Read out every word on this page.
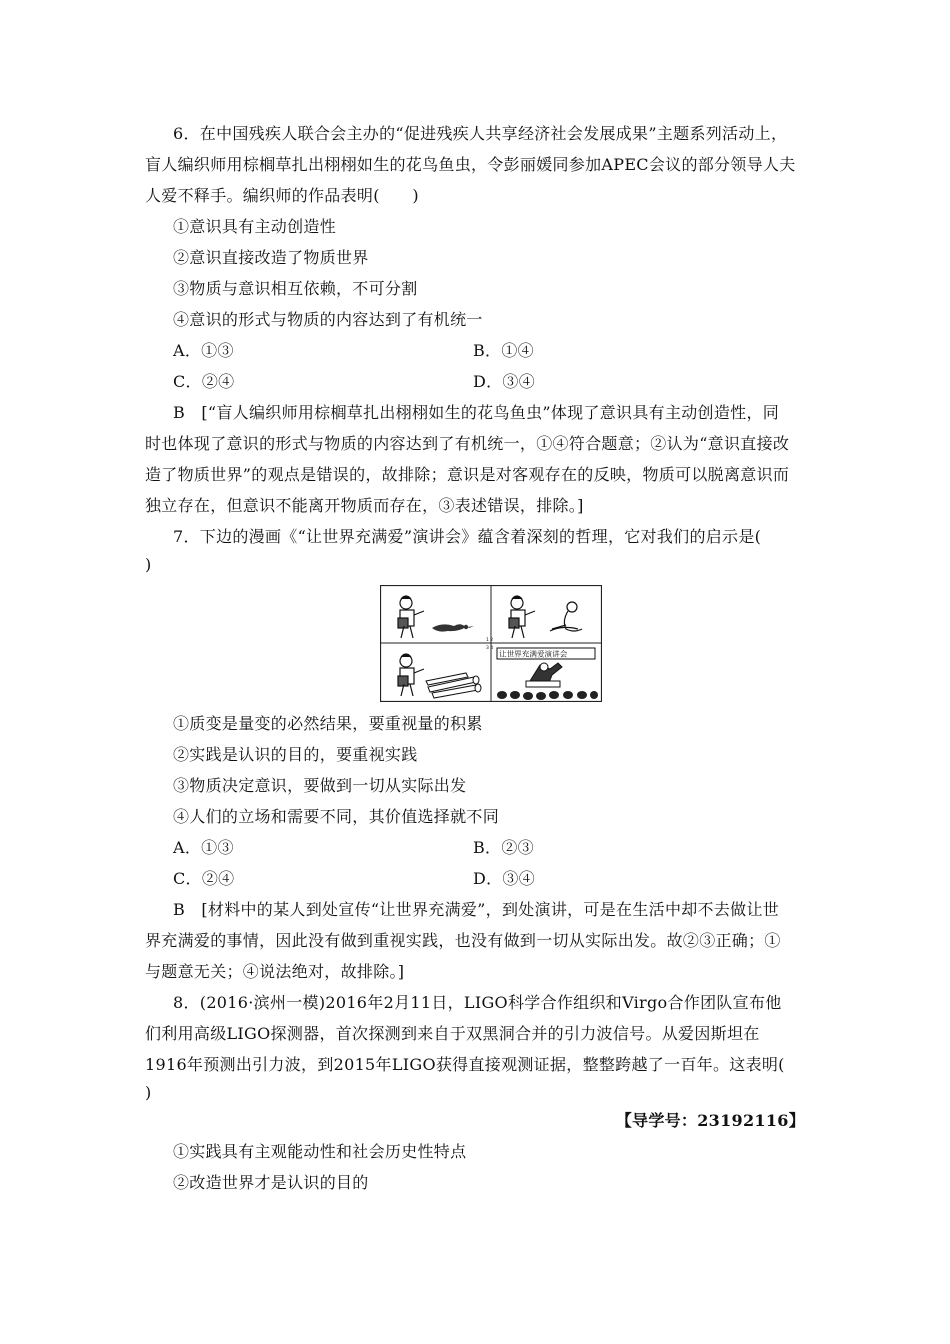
6．在中国残疾人联合会主办的“促进残疾人共享经济社会发展成果”主题系列活动上，
盲人编织师用棕榈草扎出栩栩如生的花鸟鱼虫，令彭丽媛同参加APEC会议的部分领导人夫
人爱不释手。编织师的作品表明(　　)
①意识具有主动创造性
②意识直接改造了物质世界
③物质与意识相互依赖，不可分割
④意识的形式与物质的内容达到了有机统一
A．①③	B．①④
C．②④	D．③④
B　[“盲人编织师用棕榈草扎出栩栩如生的花鸟鱼虫”体现了意识具有主动创造性，同
时也体现了意识的形式与物质的内容达到了有机统一，①④符合题意；②认为“意识直接改
造了物质世界”的观点是错误的，故排除；意识是对客观存在的反映，物质可以脱离意识而
独立存在，但意识不能离开物质而存在，③表述错误，排除。]
7．下边的漫画《“让世界充满爱”演讲会》蕴含着深刻的哲理，它对我们的启示是(
)
1 2
3 4
让世界充满爱演讲会
①质变是量变的必然结果，要重视量的积累
②实践是认识的目的，要重视实践
③物质决定意识，要做到一切从实际出发
④人们的立场和需要不同，其价值选择就不同
A．①③	B．②③
C．②④	D．③④
B　[材料中的某人到处宣传“让世界充满爱”，到处演讲，可是在生活中却不去做让世
界充满爱的事情，因此没有做到重视实践，也没有做到一切从实际出发。故②③正确；①
与题意无关；④说法绝对，故排除。]
8．(2016·滨州一模)2016年2月11日，LIGO科学合作组织和Virgo合作团队宣布他
们利用高级LIGO探测器，首次探测到来自于双黑洞合并的引力波信号。从爱因斯坦在
1916年预测出引力波，到2015年LIGO获得直接观测证据，整整跨越了一百年。这表明(
)
【导学号：23192116】
①实践具有主观能动性和社会历史性特点
②改造世界才是认识的目的
